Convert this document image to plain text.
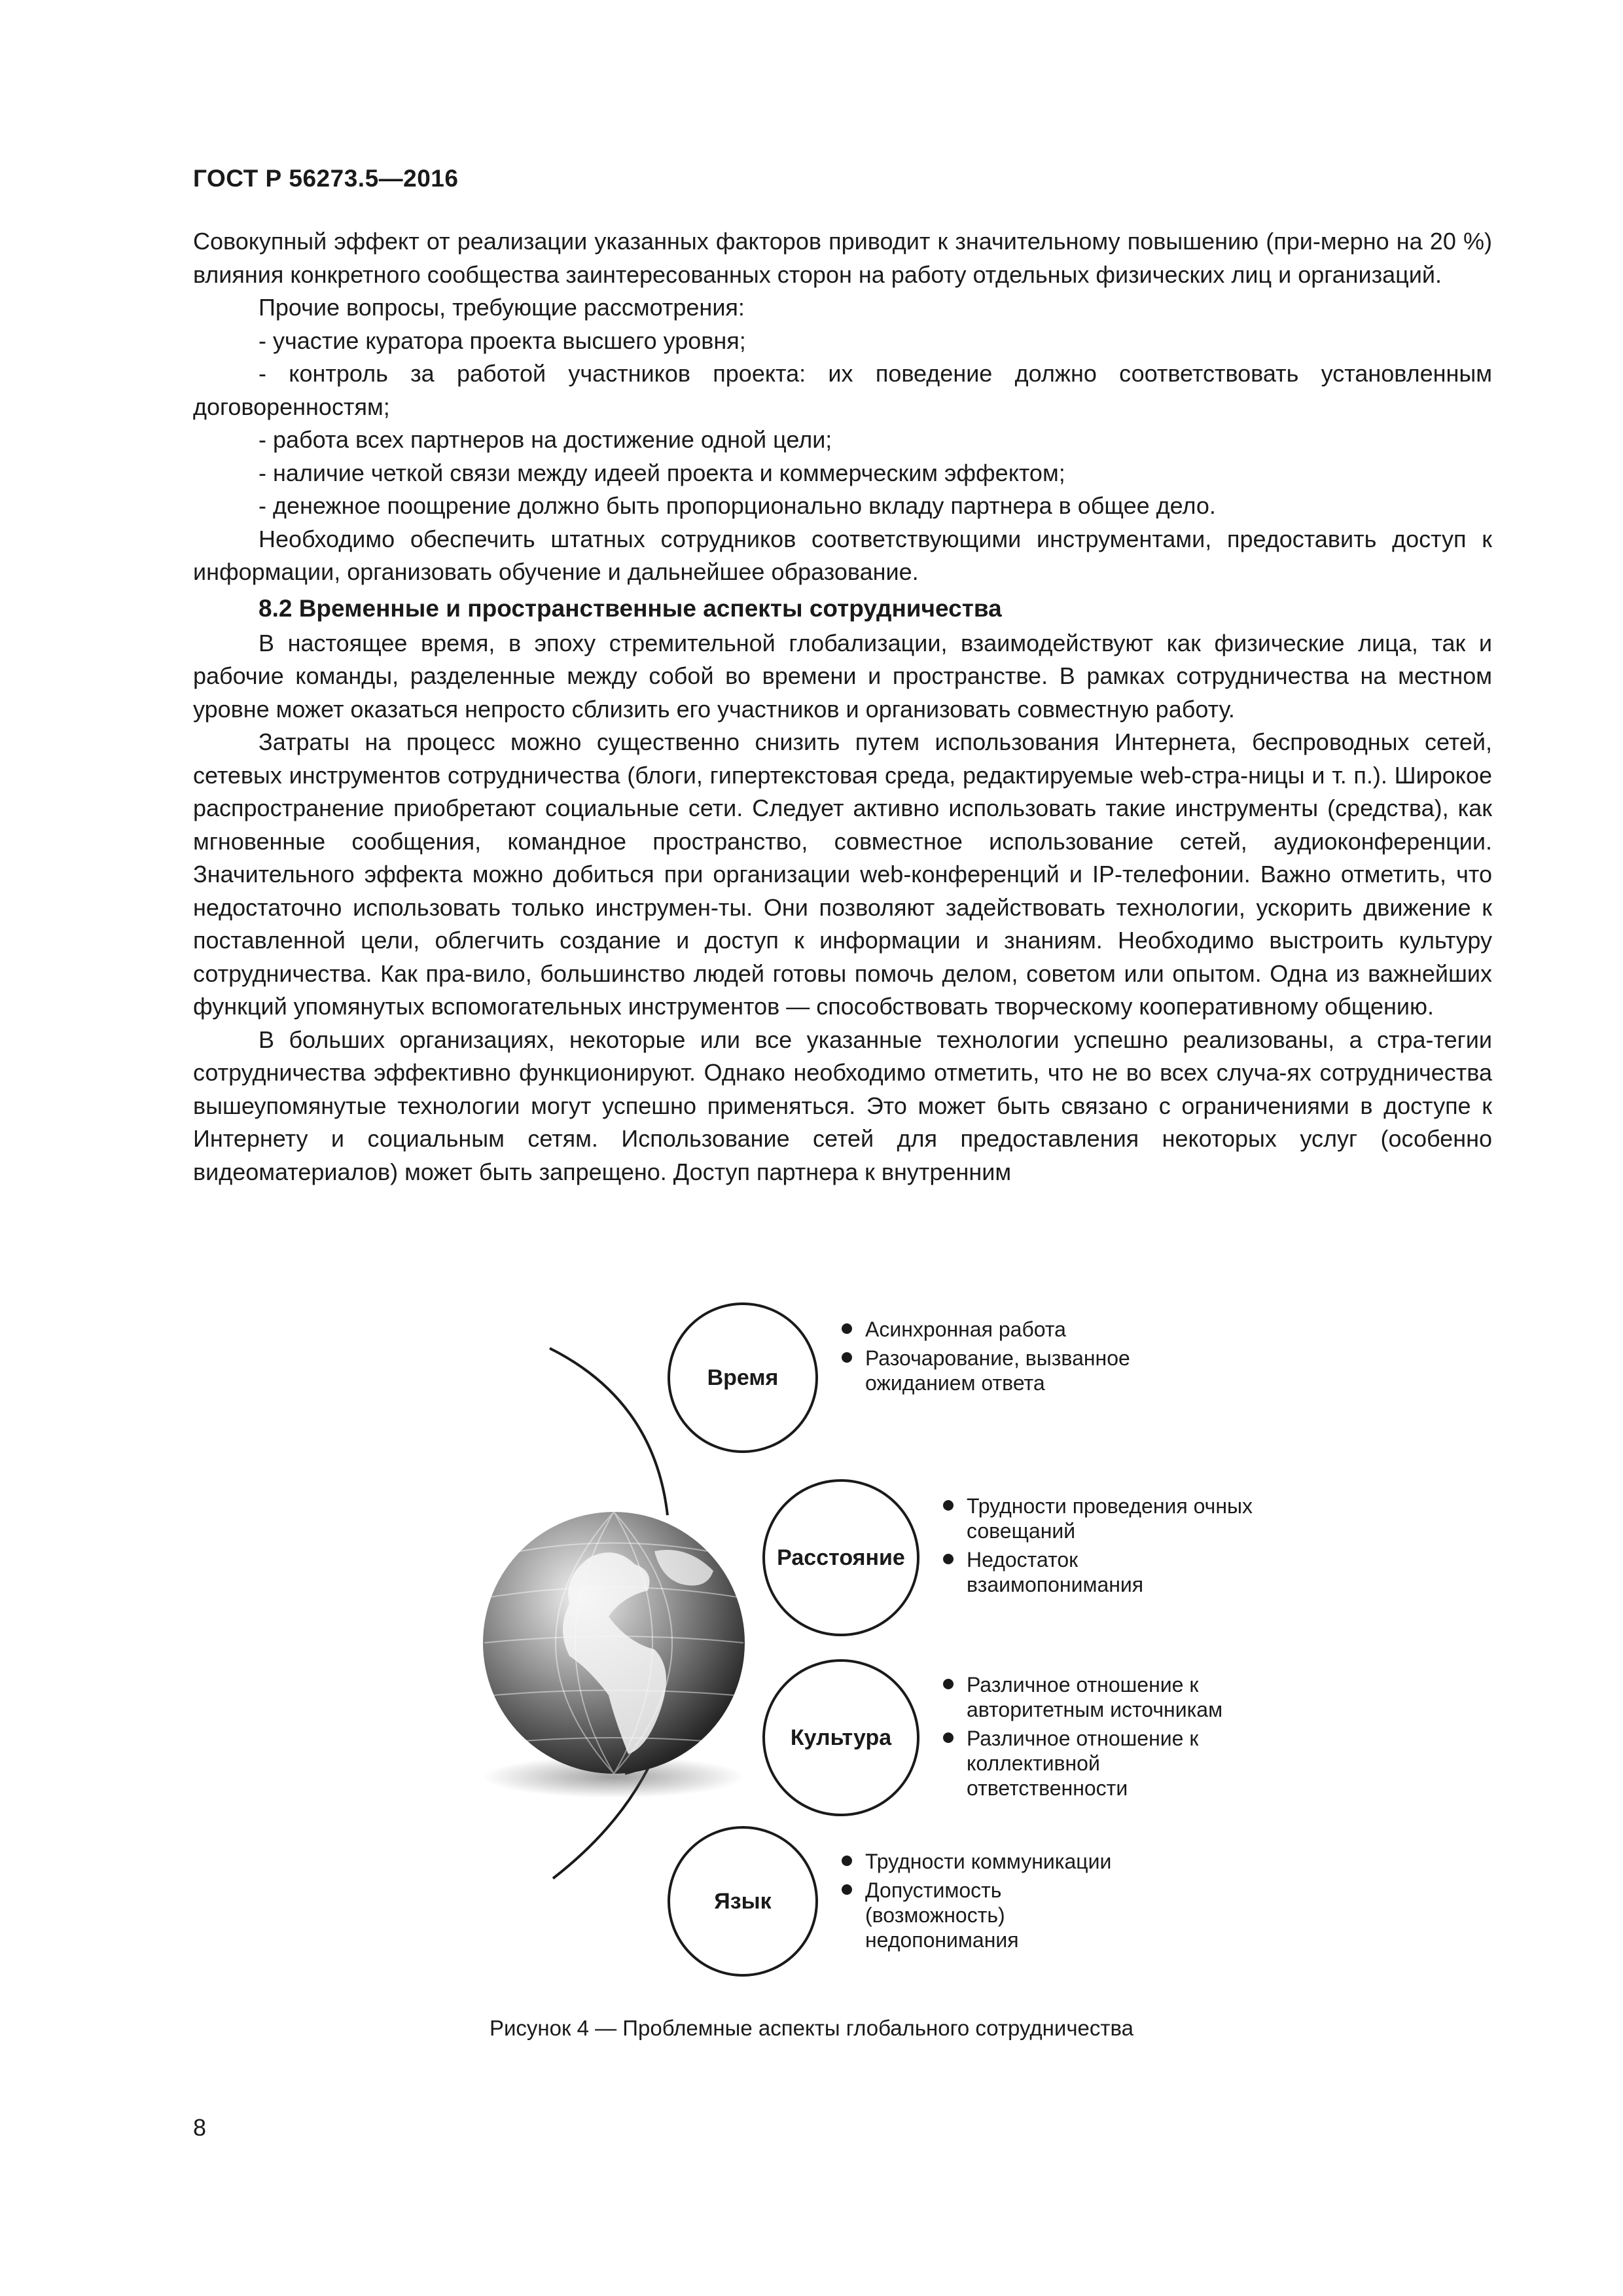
ГОСТ Р 56273.5—2016

Совокупный эффект от реализации указанных факторов приводит к значительному повышению (при-мерно на 20 %) влияния конкретного сообщества заинтересованных сторон на работу отдельных физических лиц и организаций.

Прочие вопросы, требующие рассмотрения:

- участие куратора проекта высшего уровня;

- контроль за работой участников проекта: их поведение должно соответствовать установленным договоренностям;

- работа всех партнеров на достижение одной цели;

- наличие четкой связи между идеей проекта и коммерческим эффектом;

- денежное поощрение должно быть пропорционально вкладу партнера в общее дело.

Необходимо обеспечить штатных сотрудников соответствующими инструментами, предоставить доступ к информации, организовать обучение и дальнейшее образование.

8.2 Временные и пространственные аспекты сотрудничества

В настоящее время, в эпоху стремительной глобализации, взаимодействуют как физические лица, так и рабочие команды, разделенные между собой во времени и пространстве. В рамках сотрудничества на местном уровне может оказаться непросто сблизить его участников и организовать совместную работу.

Затраты на процесс можно существенно снизить путем использования Интернета, беспроводных сетей, сетевых инструментов сотрудничества (блоги, гипертекстовая среда, редактируемые web-стра-ницы и т. п.). Широкое распространение приобретают социальные сети. Следует активно использовать такие инструменты (средства), как мгновенные сообщения, командное пространство, совместное использование сетей, аудиоконференции. Значительного эффекта можно добиться при организации web-конференций и IP-телефонии. Важно отметить, что недостаточно использовать только инструмен-ты. Они позволяют задействовать технологии, ускорить движение к поставленной цели, облегчить создание и доступ к информации и знаниям. Необходимо выстроить культуру сотрудничества. Как пра-вило, большинство людей готовы помочь делом, советом или опытом. Одна из важнейших функций упомянутых вспомогательных инструментов — способствовать творческому кооперативному общению.

В больших организациях, некоторые или все указанные технологии успешно реализованы, а стра-тегии сотрудничества эффективно функционируют. Однако необходимо отметить, что не во всех случа-ях сотрудничества вышеупомянутые технологии могут успешно применяться. Это может быть связано с ограничениями в доступе к Интернету и социальным сетям. Использование сетей для предоставления некоторых услуг (особенно видеоматериалов) может быть запрещено. Доступ партнера к внутренним

Время
Асинхронная работа
Разочарование, вызванное ожиданием ответа
Расстояние
Трудности проведения очных совещаний
Недостаток взаимопонимания
Культура
Различное отношение к авторитетным источникам
Различное отношение к коллективной ответственности
Язык
Трудности коммуникации
Допустимость (возможность) недопонимания
Рисунок 4 — Проблемные аспекты глобального сотрудничества
8
